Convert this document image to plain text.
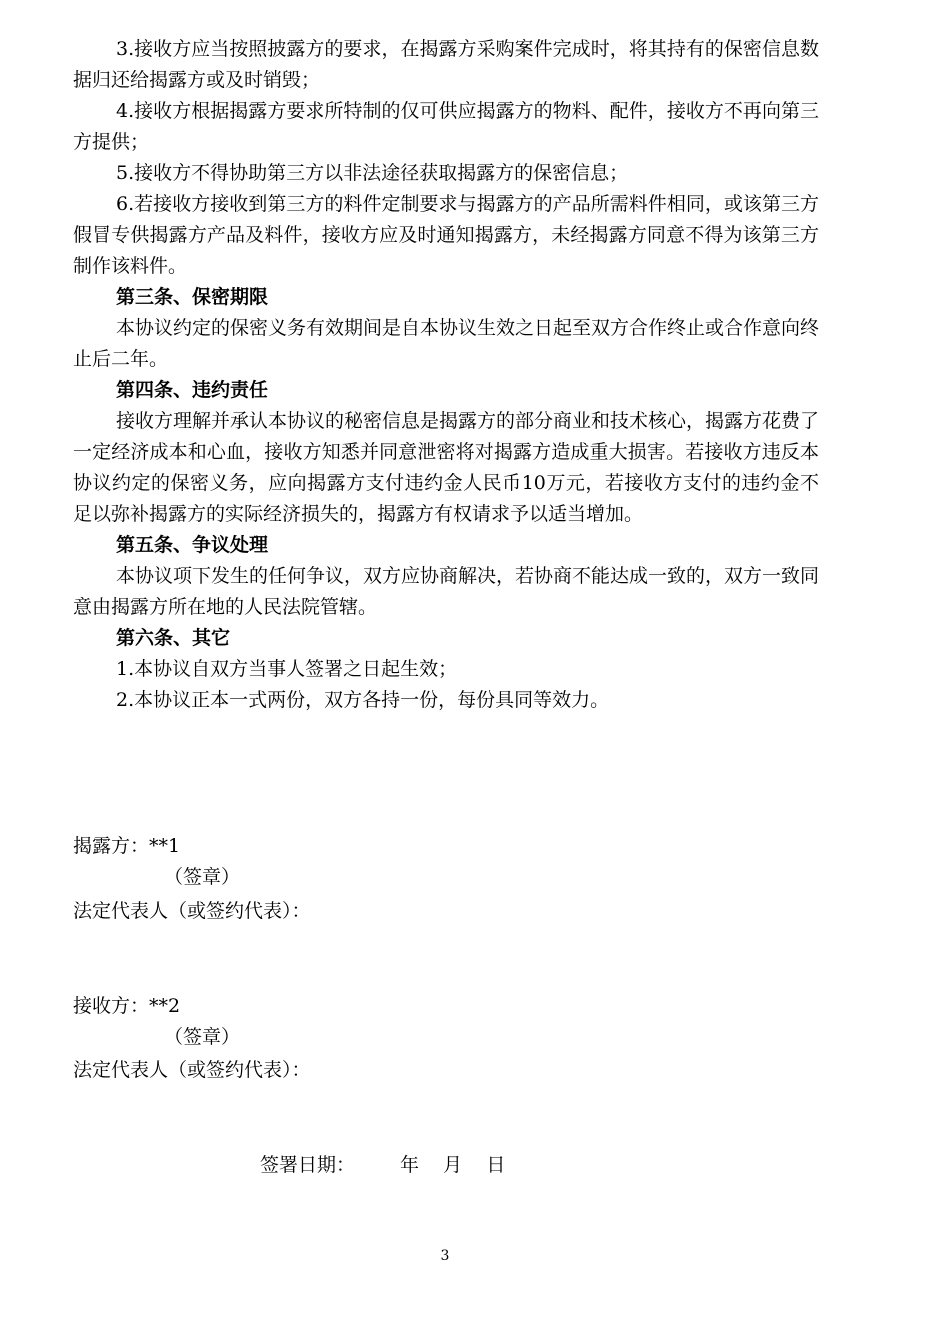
3.接收方应当按照披露方的要求，在揭露方采购案件完成时，将其持有的保密信息数据归还给揭露方或及时销毁；

4.接收方根据揭露方要求所特制的仅可供应揭露方的物料、配件，接收方不再向第三方提供；

5.接收方不得协助第三方以非法途径获取揭露方的保密信息；

6.若接收方接收到第三方的料件定制要求与揭露方的产品所需料件相同，或该第三方假冒专供揭露方产品及料件，接收方应及时通知揭露方，未经揭露方同意不得为该第三方制作该料件。

第三条、保密期限

本协议约定的保密义务有效期间是自本协议生效之日起至双方合作终止或合作意向终止后二年。

第四条、违约责任

接收方理解并承认本协议的秘密信息是揭露方的部分商业和技术核心，揭露方花费了一定经济成本和心血，接收方知悉并同意泄密将对揭露方造成重大损害。若接收方违反本协议约定的保密义务，应向揭露方支付违约金人民币10万元，若接收方支付的违约金不足以弥补揭露方的实际经济损失的，揭露方有权请求予以适当增加。

第五条、争议处理

本协议项下发生的任何争议，双方应协商解决，若协商不能达成一致的，双方一致同意由揭露方所在地的人民法院管辖。

第六条、其它

1.本协议自双方当事人签署之日起生效；

2.本协议正本一式两份，双方各持一份，每份具同等效力。

揭露方：**1
（签章）
法定代表人（或签约代表）：
接收方：**2
（签章）
法定代表人（或签约代表）：
签署日期： 年    月    日
3
